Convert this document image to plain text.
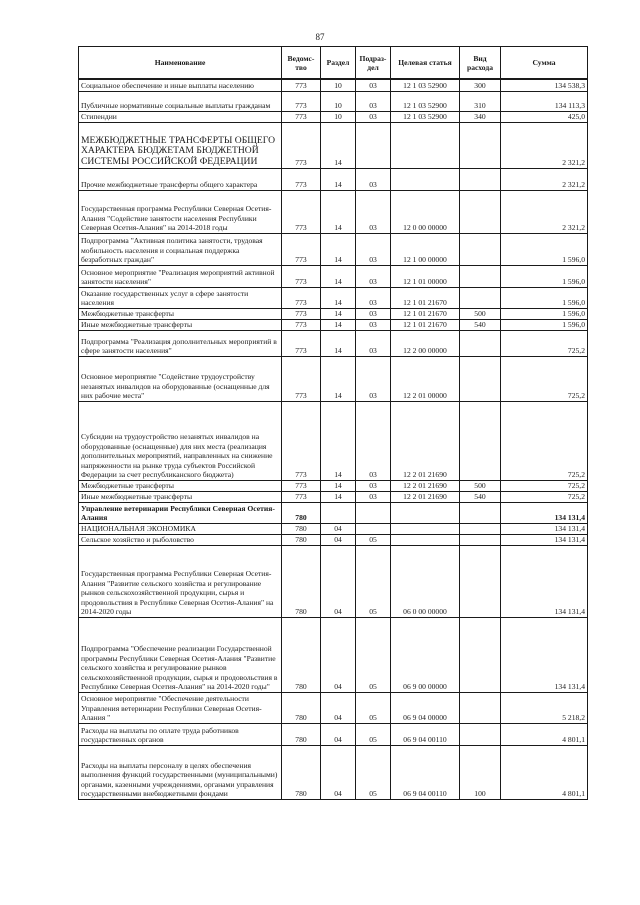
87
Наименование	Ведомс-тво	Раздел	Подраз-дел	Целевая статья	Вид расхода	Сумма
Социальное обеспечение и иные выплаты населению	773	10	03	12 1 03 52900	300	134 538,3
Публичные нормативные социальные выплаты гражданам	773	10	03	12 1 03 52900	310	134 113,3
Стипендии	773	10	03	12 1 03 52900	340	425,0
МЕЖБЮДЖЕТНЫЕ ТРАНСФЕРТЫ ОБЩЕГО ХАРАКТЕРА БЮДЖЕТАМ БЮДЖЕТНОЙ СИСТЕМЫ РОССИЙСКОЙ ФЕДЕРАЦИИ	773	14				2 321,2
Прочие межбюджетные трансферты общего характера	773	14	03			2 321,2
Государственная программа Республики Северная Осетия-Алания "Содействие занятости населения Республики Северная Осетия-Алания" на 2014-2018 годы	773	14	03	12 0 00 00000		2 321,2
Подпрограмма "Активная политика занятости, трудовая мобильность населения и социальная поддержка безработных граждан"	773	14	03	12 1 00 00000		1 596,0
Основное мероприятие "Реализация мероприятий активной занятости населения"	773	14	03	12 1 01 00000		1 596,0
Оказание государственных услуг в сфере занятости населения	773	14	03	12 1 01 21670		1 596,0
Межбюджетные трансферты	773	14	03	12 1 01 21670	500	1 596,0
Иные межбюджетные трансферты	773	14	03	12 1 01 21670	540	1 596,0
Подпрограмма "Реализация дополнительных мероприятий в сфере занятости населения"	773	14	03	12 2 00 00000		725,2
Основное мероприятие "Содействие трудоустройству незанятых инвалидов на оборудованные (оснащенные для них рабочие места"	773	14	03	12 2 01 00000		725,2
Субсидии на трудоустройство незанятых инвалидов на оборудованные (оснащенные) для них места (реализация дополнительных мероприятий, направленных на снижение напряженности на рынке труда субъектов Российской Федерации за счет республиканского бюджета)	773	14	03	12 2 01 21690		725,2
Межбюджетные трансферты	773	14	03	12 2 01 21690	500	725,2
Иные межбюджетные трансферты	773	14	03	12 2 01 21690	540	725,2
Управление ветеринарии Республики Северная Осетия-Алания	780					134 131,4
НАЦИОНАЛЬНАЯ ЭКОНОМИКА	780	04				134 131,4
Сельское хозяйство и рыболовство	780	04	05			134 131,4
Государственная программа Республики Северная Осетия-Алания "Развитие сельского хозяйства и регулирование рынков сельскохозяйственной продукции, сырья и продовольствия в Республике Северная Осетия-Алания" на 2014-2020 годы	780	04	05	06 0 00 00000		134 131,4
Подпрограмма "Обеспечение реализации Государственной программы Республики Северная Осетия-Алания "Развитие сельского хозяйства и регулирование рынков сельскохозяйственной продукции, сырья и продовольствия в Республике Северная Осетия-Алания" на 2014-2020 годы"	780	04	05	06 9 00 00000		134 131,4
Основное мероприятие "Обеспечение деятельности Управления ветеринарии Республики Северная Осетия-Алания "	780	04	05	06 9 04 00000		5 218,2
Расходы на выплаты по оплате труда работников государственных органов	780	04	05	06 9 04 00110		4 801,1
Расходы на выплаты персоналу в целях обеспечения выполнения функций государственными (муниципальными) органами, казенными учреждениями, органами управления государственными внебюджетными фондами	780	04	05	06 9 04 00110	100	4 801,1
